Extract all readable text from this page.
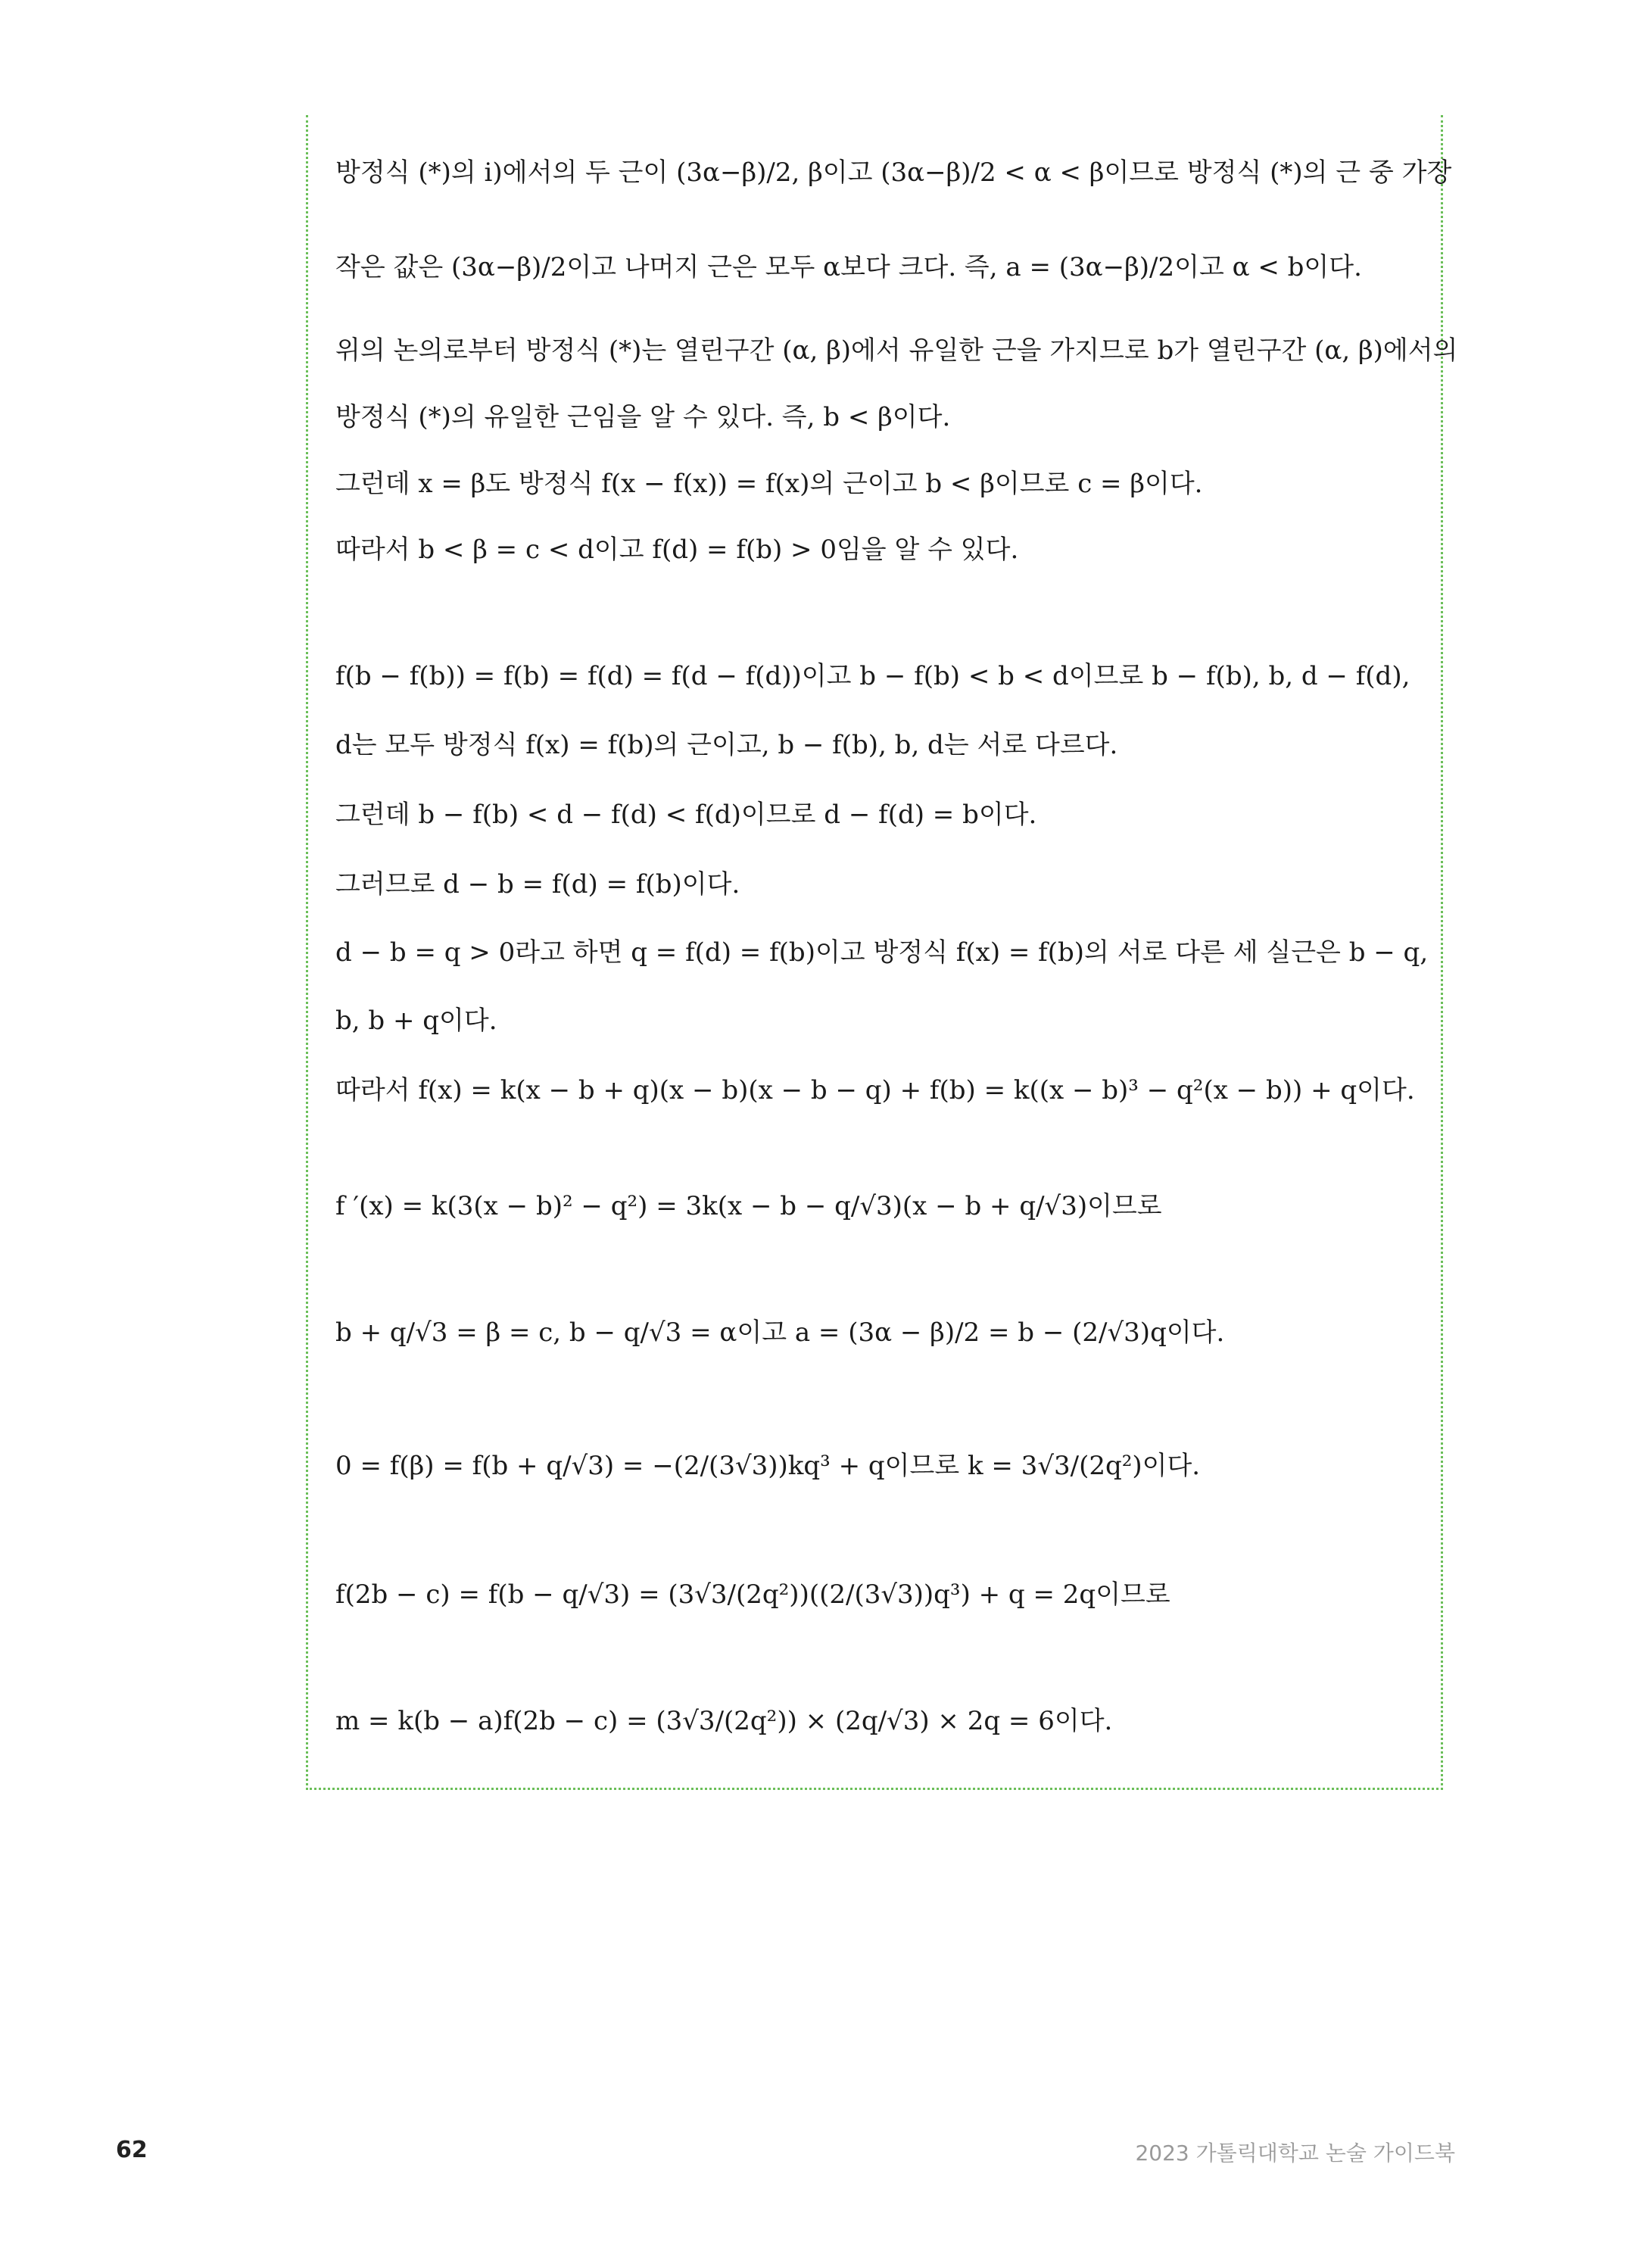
방정식 (*)의 i)에서의 두 근이 (3α−β)/2, β이고 (3α−β)/2 < α < β이므로 방정식 (*)의 근 중 가장
작은 값은 (3α−β)/2이고 나머지 근은 모두 α보다 크다. 즉, a = (3α−β)/2이고 α < b이다.
위의 논의로부터 방정식 (*)는 열린구간 (α, β)에서 유일한 근을 가지므로 b가 열린구간 (α, β)에서의
방정식 (*)의 유일한 근임을 알 수 있다. 즉, b < β이다.
그런데 x = β도 방정식 f(x − f(x)) = f(x)의 근이고 b < β이므로 c = β이다.
따라서 b < β = c < d이고 f(d) = f(b) > 0임을 알 수 있다.
f(b − f(b)) = f(b) = f(d) = f(d − f(d))이고 b − f(b) < b < d이므로 b − f(b), b, d − f(d),
d는 모두 방정식 f(x) = f(b)의 근이고, b − f(b), b, d는 서로 다르다.
그런데 b − f(b) < d − f(d) < f(d)이므로 d − f(d) = b이다.
그러므로 d − b = f(d) = f(b)이다.
d − b = q > 0라고 하면 q = f(d) = f(b)이고 방정식 f(x) = f(b)의 서로 다른 세 실근은 b − q,
b, b + q이다.
따라서 f(x) = k(x − b + q)(x − b)(x − b − q) + f(b) = k((x − b)³ − q²(x − b)) + q이다.
f ′(x) = k(3(x − b)² − q²) = 3k(x − b − q/√3)(x − b + q/√3)이므로
b + q/√3 = β = c, b − q/√3 = α이고 a = (3α − β)/2 = b − (2/√3)q이다.
0 = f(β) = f(b + q/√3) = −(2/(3√3))kq³ + q이므로 k = 3√3/(2q²)이다.
f(2b − c) = f(b − q/√3) = (3√3/(2q²))((2/(3√3))q³) + q = 2q이므로
m = k(b − a)f(2b − c) = (3√3/(2q²)) × (2q/√3) × 2q = 6이다.
62	2023 가톨릭대학교 논술 가이드북
